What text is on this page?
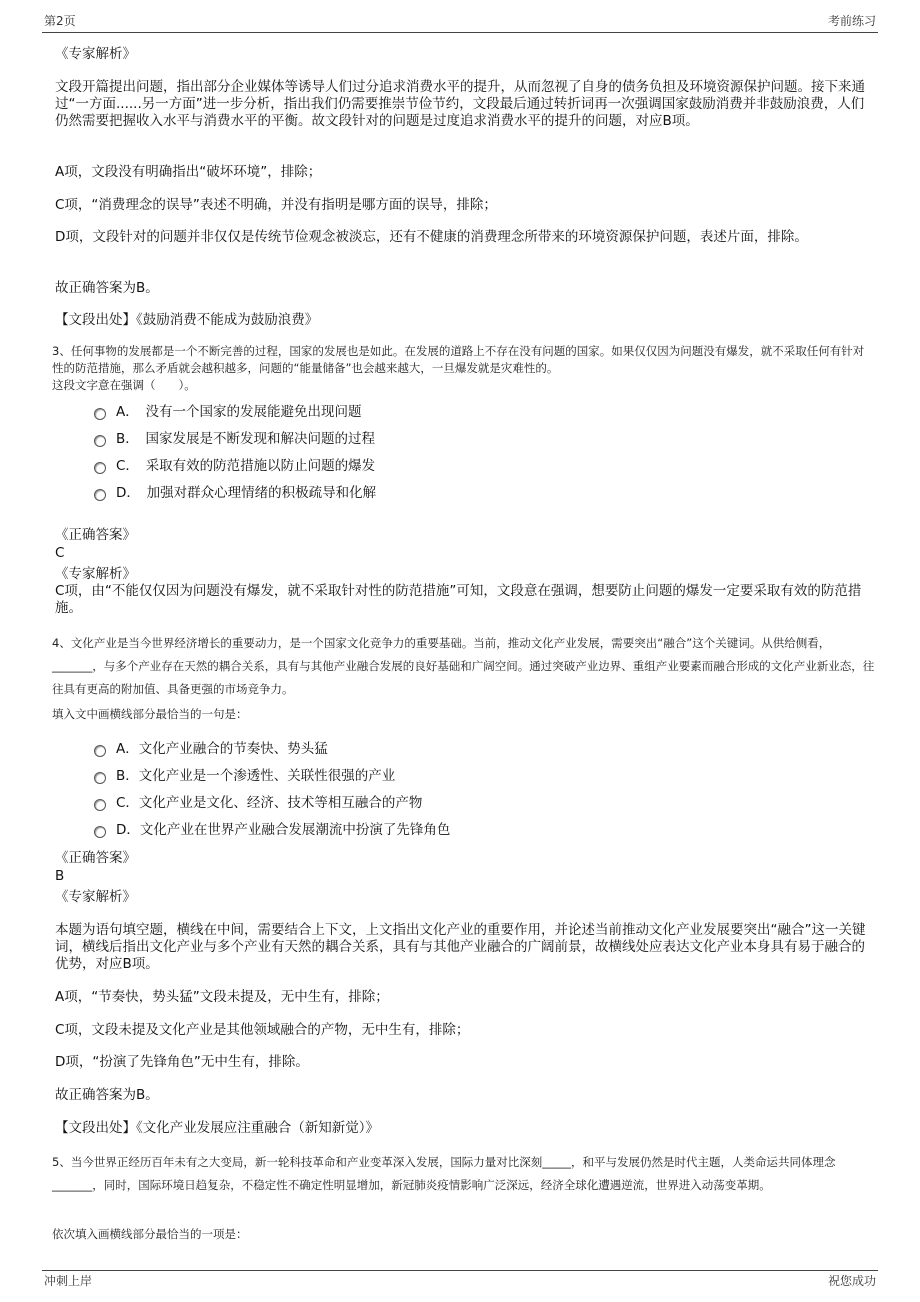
第2页	考前练习
《专家解析》
文段开篇提出问题，指出部分企业媒体等诱导人们过分追求消费水平的提升，从而忽视了自身的债务负担及环境资源保护问题。接下来通过“一方面......另一方面”进一步分析，指出我们仍需要推崇节俭节约，文段最后通过转折词再一次强调国家鼓励消费并非鼓励浪费，人们仍然需要把握收入水平与消费水平的平衡。故文段针对的问题是过度追求消费水平的提升的问题，对应B项。
A项，文段没有明确指出“破坏环境”，排除；
C项，“消费理念的误导”表述不明确，并没有指明是哪方面的误导，排除；
D项，文段针对的问题并非仅仅是传统节俭观念被淡忘，还有不健康的消费理念所带来的环境资源保护问题，表述片面，排除。
故正确答案为B。
【文段出处】《鼓励消费不能成为鼓励浪费》
3、任何事物的发展都是一个不断完善的过程，国家的发展也是如此。在发展的道路上不存在没有问题的国家。如果仅仅因为问题没有爆发，就不采取任何有针对性的防范措施，那么矛盾就会越积越多，问题的“能量储备”也会越来越大，一旦爆发就是灾难性的。
这段文字意在强调（　　）。
A．　没有一个国家的发展能避免出现问题
B．　国家发展是不断发现和解决问题的过程
C．　采取有效的防范措施以防止问题的爆发
D．　加强对群众心理情绪的积极疏导和化解
《正确答案》
C
《专家解析》
C项，由“不能仅仅因为问题没有爆发，就不采取针对性的防范措施”可知，文段意在强调，想要防止问题的爆发一定要采取有效的防范措施。
4、文化产业是当今世界经济增长的重要动力，是一个国家文化竞争力的重要基础。当前，推动文化产业发展，需要突出“融合”这个关键词。从供给侧看，_______，与多个产业存在天然的耦合关系，具有与其他产业融合发展的良好基础和广阔空间。通过突破产业边界、重组产业要素而融合形成的文化产业新业态，往往具有更高的附加值、具备更强的市场竞争力。
填入文中画横线部分最恰当的一句是：
A．文化产业融合的节奏快、势头猛
B．文化产业是一个渗透性、关联性很强的产业
C．文化产业是文化、经济、技术等相互融合的产物
D．文化产业在世界产业融合发展潮流中扮演了先锋角色
《正确答案》
B
《专家解析》
本题为语句填空题，横线在中间，需要结合上下文，上文指出文化产业的重要作用，并论述当前推动文化产业发展要突出“融合”这一关键词，横线后指出文化产业与多个产业有天然的耦合关系，具有与其他产业融合的广阔前景，故横线处应表达文化产业本身具有易于融合的优势，对应B项。
A项，“节奏快，势头猛”文段未提及，无中生有，排除；
C项，文段未提及文化产业是其他领域融合的产物，无中生有，排除；
D项，“扮演了先锋角色”无中生有，排除。
故正确答案为B。
【文段出处】《文化产业发展应注重融合（新知新觉）》
5、当今世界正经历百年未有之大变局，新一轮科技革命和产业变革深入发展，国际力量对比深刻_____，和平与发展仍然是时代主题，人类命运共同体理念_______，同时，国际环境日趋复杂，不稳定性不确定性明显增加，新冠肺炎疫情影响广泛深远，经济全球化遭遇逆流，世界进入动荡变革期。
依次填入画横线部分最恰当的一项是：
冲刺上岸	祝您成功
